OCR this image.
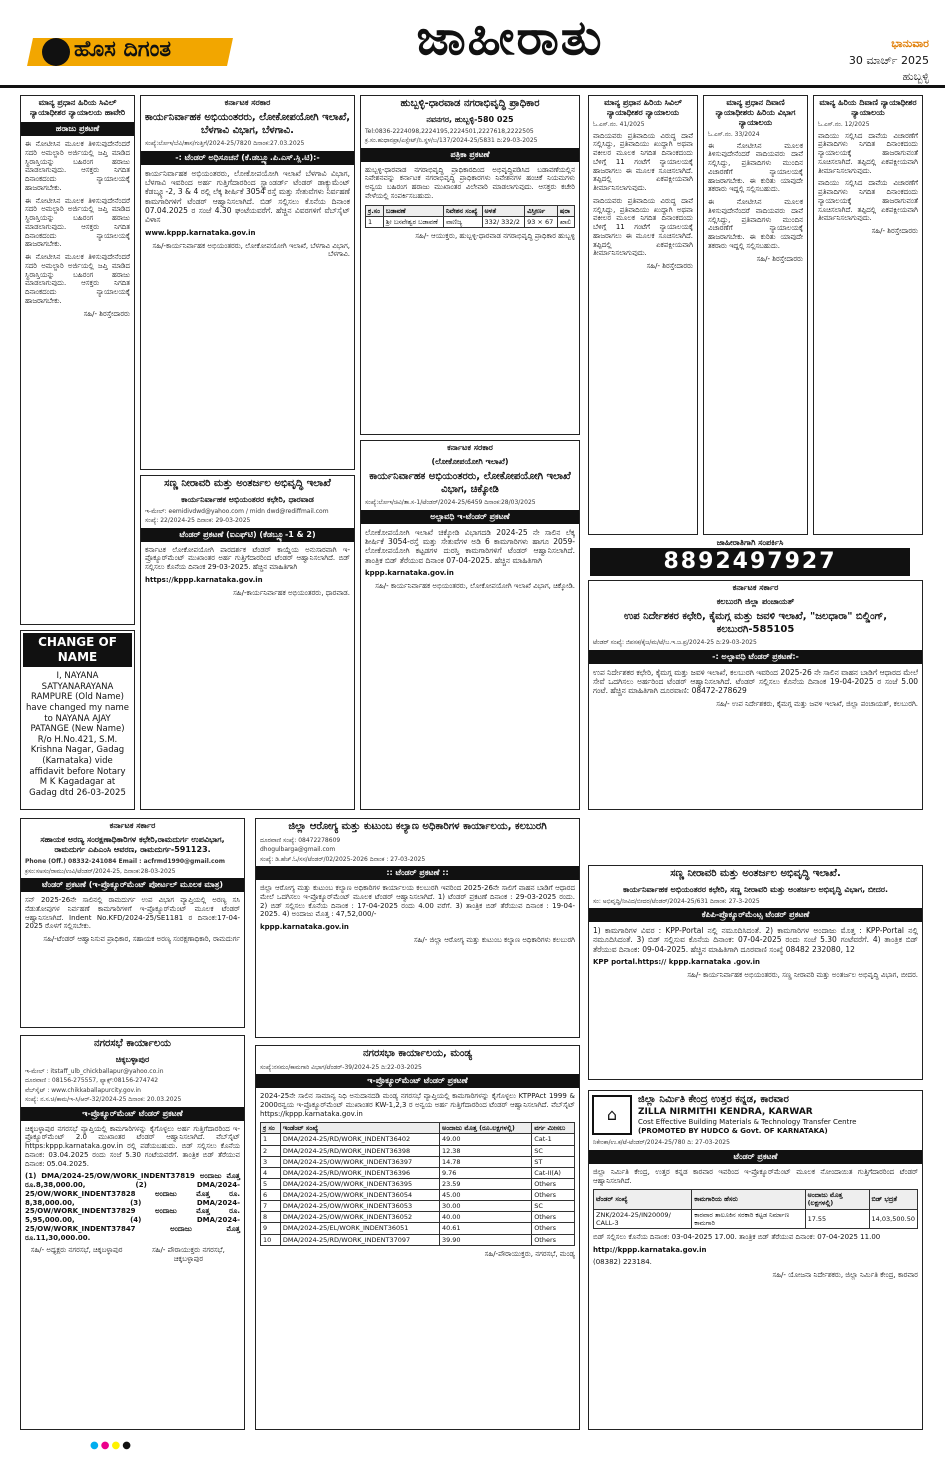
ಹೊಸ ದಿಗಂತ	ಜಾಹೀರಾತು	ಭಾನುವಾರ
30 ಮಾರ್ಚ್ 2025
ಹುಬ್ಬಳ್ಳಿ
ಮಾನ್ಯ ಪ್ರಧಾನ ಹಿರಿಯ ಸಿವಿಲ್ ನ್ಯಾಯಾಧೀಶರ ನ್ಯಾಯಾಲಯ ಹಾವೇರಿ
ಹರಾಜು ಪ್ರಕಟಣೆ
ಈ ನೋಟೀಸಿನ ಮೂಲಕ ತಿಳಿಸುವುದೇನೆಂದರೆ ಸದರಿ ಅಮಲ್ಜಾರಿ ಅರ್ಜಿಯಲ್ಲಿ ಜಪ್ತಿ ಮಾಡಿದ ಸ್ಥಿರಾಸ್ತಿಯನ್ನು ಬಹಿರಂಗ ಹರಾಜು ಮಾಡಲಾಗುವುದು. ಆಸಕ್ತರು ನಿಗದಿತ ದಿನಾಂಕದಂದು ನ್ಯಾಯಾಲಯಕ್ಕೆ ಹಾಜರಾಗಬೇಕು.
ಈ ನೋಟೀಸಿನ ಮೂಲಕ ತಿಳಿಸುವುದೇನೆಂದರೆ ಸದರಿ ಅಮಲ್ಜಾರಿ ಅರ್ಜಿಯಲ್ಲಿ ಜಪ್ತಿ ಮಾಡಿದ ಸ್ಥಿರಾಸ್ತಿಯನ್ನು ಬಹಿರಂಗ ಹರಾಜು ಮಾಡಲಾಗುವುದು. ಆಸಕ್ತರು ನಿಗದಿತ ದಿನಾಂಕದಂದು ನ್ಯಾಯಾಲಯಕ್ಕೆ ಹಾಜರಾಗಬೇಕು.
ಈ ನೋಟೀಸಿನ ಮೂಲಕ ತಿಳಿಸುವುದೇನೆಂದರೆ ಸದರಿ ಅಮಲ್ಜಾರಿ ಅರ್ಜಿಯಲ್ಲಿ ಜಪ್ತಿ ಮಾಡಿದ ಸ್ಥಿರಾಸ್ತಿಯನ್ನು ಬಹಿರಂಗ ಹರಾಜು ಮಾಡಲಾಗುವುದು. ಆಸಕ್ತರು ನಿಗದಿತ ದಿನಾಂಕದಂದು ನ್ಯಾಯಾಲಯಕ್ಕೆ ಹಾಜರಾಗಬೇಕು.
ಸಹಿ/- ಶಿರಸ್ತೇದಾರರು
CHANGE OF NAME
I, NAYANA SATYANARAYANA RAMPURE (Old Name) have changed my name to NAYANA AJAY PATANGE (New Name) R/o H.No.421, S.M. Krishna Nagar, Gadag (Karnataka) vide affidavit before Notary M K Kagadagar at Gadag dtd 26-03-2025
ಕರ್ನಾಟಕ ಸರಕಾರ
ಕಾರ್ಯನಿರ್ವಾಹಕ ಅಭಿಯಂತರರು, ಲೋಕೋಪಯೋಗಿ ಇಲಾಖೆ, ಬೆಳಗಾವಿ ವಿಭಾಗ, ಬೆಳಗಾವಿ.
ಸಂಖ್ಯೆ:ಲೋಇ/ಬೆವಿ/ತಾಸ/ಗುತ್ತಿಗೆ/2024-25/7820 ದಿನಾಂಕ:27.03.2025
-: ಟೆಂಡರ್ ಅಧಿಸೂಚನೆ (ಕೆ.ಡಬ್ಲ್ಯೂ.ಪಿ.ಎಸ್.ಸ್ಲಿ.ಟಿ):-
ಕಾರ್ಯನಿರ್ವಾಹಕ ಅಭಿಯಂತರರು, ಲೋಕೋಪಯೋಗಿ ಇಲಾಖೆ ಬೆಳಗಾವಿ ವಿಭಾಗ, ಬೆಳಗಾವಿ ಇವರಿಂದ ಅರ್ಹ ಗುತ್ತಿಗೆದಾರರಿಂದ ಸ್ಟ್ಯಾಂಡರ್ಡ್ ಟೆಂಡರ್ ಡಾಕ್ಯುಮೆಂಟ್ ಕೆಡಬ್ಲ್ಯೂ-2, 3 & 4 ರಲ್ಲಿ ಲೆಕ್ಕ ಶೀರ್ಷಿಕೆ 3054 ರಸ್ತೆ ಮತ್ತು ಸೇತುವೆಗಳು ನಿರ್ವಹಣೆ ಕಾಮಗಾರಿಗಳಿಗೆ ಟೆಂಡರ್ ಆಹ್ವಾನಿಸಲಾಗಿದೆ. ಬಿಡ್ ಸಲ್ಲಿಸಲು ಕೊನೆಯ ದಿನಾಂಕ 07.04.2025 ರ ಸಂಜೆ 4.30 ಘಂಟೆಯವರೆಗೆ. ಹೆಚ್ಚಿನ ವಿವರಗಳಿಗೆ ವೆಬ್‌ಸೈಟ್ ವಿಳಾಸ
www.kppp.karnataka.gov.in
ಸಹಿ/-ಕಾರ್ಯನಿರ್ವಾಹಕ ಅಭಿಯಂತರರು, ಲೋಕೋಪಯೋಗಿ ಇಲಾಖೆ, ಬೆಳಗಾವಿ ವಿಭಾಗ, ಬೆಳಗಾವಿ.
ಸಣ್ಣ ನೀರಾವರಿ ಮತ್ತು ಅಂತರ್ಜಲ ಅಭಿವೃದ್ಧಿ ಇಲಾಖೆ
ಕಾರ್ಯನಿರ್ವಾಹಕ ಅಭಿಯಂತರರ ಕಛೇರಿ, ಧಾರವಾಡ
ಇ-ಮೇಲ್: eemidivdwd@yahoo.com / midn dwd@rediffmail.com
ಸಂಖ್ಯೆ: 22/2024-25 ದಿನಾಂಕ: 29-03-2025
ಟೆಂಡರ್ ಪ್ರಕಟಣೆ (ಐಎಫ್‌ಟಿ) (ಕೆಡಬ್ಲ್ಯೂ-1 & 2)
ಕರ್ನಾಟಕ ಲೋಕೋಪಯೋಗಿ ಪಾರದರ್ಶಕ ಟೆಂಡರ್ ಕಾಯ್ದೆಯ ಅನುಸಾರವಾಗಿ ಇ-ಪ್ರೊಕ್ಯೂರ್‌ಮೆಂಟ್ ಮುಖಾಂತರ ಅರ್ಹ ಗುತ್ತಿಗೆದಾರರಿಂದ ಟೆಂಡರ್ ಆಹ್ವಾನಿಸಲಾಗಿದೆ. ಬಿಡ್ ಸಲ್ಲಿಸಲು ಕೊನೆಯ ದಿನಾಂಕ 29-03-2025. ಹೆಚ್ಚಿನ ಮಾಹಿತಿಗಾಗಿ
https://kppp.karnataka.gov.in
ಸಹಿ/-ಕಾರ್ಯನಿರ್ವಾಹಕ ಅಭಿಯಂತರರು, ಧಾರವಾಡ.
ಹುಬ್ಬಳ್ಳಿ-ಧಾರವಾಡ ನಗರಾಭಿವೃದ್ಧಿ ಪ್ರಾಧಿಕಾರ
ನವನಗರ, ಹುಬ್ಬಳ್ಳಿ-580 025
Tel:0836-2224098,2224195,2224501,2227618,2222505
ಕ್ರ.ಸಂ.ಹುಧಾನಪ್ರಾ/ಎಸ್ಟೇಟ್/ನಿ.ಸ್ಥಳ/ಬ/137/2024-25/5831 ದಿ:29-03-2025
ಪತ್ರಿಕಾ ಪ್ರಕಟಣೆ
ಹುಬ್ಬಳ್ಳಿ-ಧಾರವಾಡ ನಗರಾಭಿವೃದ್ಧಿ ಪ್ರಾಧಿಕಾರದಿಂದ ಅಭಿವೃದ್ಧಿಪಡಿಸಿದ ಬಡಾವಣೆಯಲ್ಲಿನ ನಿವೇಶನವನ್ನು ಕರ್ನಾಟಕ ನಗರಾಭಿವೃದ್ಧಿ ಪ್ರಾಧಿಕಾರಗಳು ನಿವೇಶನಗಳ ಹಂಚಿಕೆ ನಿಯಮಗಳು ಅನ್ವಯ ಬಹಿರಂಗ ಹರಾಜು ಮುಖಾಂತರ ವಿಲೇವಾರಿ ಮಾಡಲಾಗುವುದು. ಆಸಕ್ತರು ಕಚೇರಿ ವೇಳೆಯಲ್ಲಿ ಸಂಪರ್ಕಿಸಬಹುದು.
ಕ್ರ.ಸಂ	ಬಡಾವಣೆ	ನಿವೇಶನ ಸಂಖ್ಯೆ	ಅಳತೆ	ವಿಸ್ತೀರ್ಣ	ಷರಾ
1	ಶ್ರೀ ಬಸವೇಶ್ವರ ಬಡಾವಣೆ	ವಾಣಿಜ್ಯ	332/ 332/2	93 × 67	ಖಾಲಿ
ಸಹಿ/- ಆಯುಕ್ತರು, ಹುಬ್ಬಳ್ಳಿ-ಧಾರವಾಡ ನಗರಾಭಿವೃದ್ಧಿ ಪ್ರಾಧಿಕಾರ ಹುಬ್ಬಳ್ಳಿ
ಕರ್ನಾಟಕ ಸರಕಾರ
(ಲೋಕೋಪಯೋಗಿ ಇಲಾಖೆ)
ಕಾರ್ಯನಿರ್ವಾಹಕ ಅಭಿಯಂತರರು, ಲೋಕೋಪಯೋಗಿ ಇಲಾಖೆ ವಿಭಾಗ, ಚಿಕ್ಕೋಡಿ
ಸಂಖ್ಯೆ:ಲೋಇ/ಚಿವಿ/ತಾ.ಸ-1/ಟೆಂಡರ್/2024-25/6459 ದಿನಾಂಕ:28/03/2025
ಅಲ್ಪಾವಧಿ ಇ-ಟೆಂಡರ್ ಪ್ರಕಟಣೆ
ಲೋಕೋಪಯೋಗಿ ಇಲಾಖೆ ಚಿಕ್ಕೋಡಿ ವಿಭಾಗದಡಿ 2024-25 ನೇ ಸಾಲಿನ ಲೆಕ್ಕ ಶೀರ್ಷಿಕೆ 3054-ರಸ್ತೆ ಮತ್ತು ಸೇತುವೆಗಳ ಅಡಿ 6 ಕಾಮಗಾರಿಗಳು ಹಾಗೂ 2059-ಲೋಕೋಪಯೋಗಿ ಕಟ್ಟಡಗಳ ದುರಸ್ತಿ ಕಾಮಗಾರಿಗಳಿಗೆ ಟೆಂಡರ್ ಆಹ್ವಾನಿಸಲಾಗಿದೆ. ತಾಂತ್ರಿಕ ಬಿಡ್ ತೆರೆಯುವ ದಿನಾಂಕ 07-04-2025. ಹೆಚ್ಚಿನ ಮಾಹಿತಿಗಾಗಿ
kppp.karnataka.gov.in
ಸಹಿ/- ಕಾರ್ಯನಿರ್ವಾಹಕ ಅಭಿಯಂತರರು, ಲೋಕೋಪಯೋಗಿ ಇಲಾಖೆ ವಿಭಾಗ, ಚಿಕ್ಕೋಡಿ.
ಮಾನ್ಯ ಪ್ರಧಾನ ಹಿರಿಯ ಸಿವಿಲ್ ನ್ಯಾಯಾಧೀಶರ ನ್ಯಾಯಾಲಯ
ಓ.ಎಸ್.ನಂ. 41/2025
ವಾದಿಯವರು ಪ್ರತಿವಾದಿಯ ವಿರುದ್ಧ ದಾವೆ ಸಲ್ಲಿಸಿದ್ದು, ಪ್ರತಿವಾದಿಯು ಖುದ್ದಾಗಿ ಅಥವಾ ವಕೀಲರ ಮೂಲಕ ನಿಗದಿತ ದಿನಾಂಕದಂದು ಬೆಳಿಗ್ಗೆ 11 ಗಂಟೆಗೆ ನ್ಯಾಯಾಲಯಕ್ಕೆ ಹಾಜರಾಗಲು ಈ ಮೂಲಕ ಸೂಚಿಸಲಾಗಿದೆ. ತಪ್ಪಿದಲ್ಲಿ ಏಕಪಕ್ಷೀಯವಾಗಿ ತೀರ್ಮಾನಿಸಲಾಗುವುದು.
ವಾದಿಯವರು ಪ್ರತಿವಾದಿಯ ವಿರುದ್ಧ ದಾವೆ ಸಲ್ಲಿಸಿದ್ದು, ಪ್ರತಿವಾದಿಯು ಖುದ್ದಾಗಿ ಅಥವಾ ವಕೀಲರ ಮೂಲಕ ನಿಗದಿತ ದಿನಾಂಕದಂದು ಬೆಳಿಗ್ಗೆ 11 ಗಂಟೆಗೆ ನ್ಯಾಯಾಲಯಕ್ಕೆ ಹಾಜರಾಗಲು ಈ ಮೂಲಕ ಸೂಚಿಸಲಾಗಿದೆ. ತಪ್ಪಿದಲ್ಲಿ ಏಕಪಕ್ಷೀಯವಾಗಿ ತೀರ್ಮಾನಿಸಲಾಗುವುದು.
ಸಹಿ/- ಶಿರಸ್ತೇದಾರರು
ಮಾನ್ಯ ಪ್ರಧಾನ ದಿವಾಣಿ ನ್ಯಾಯಾಧೀಶರು ಹಿರಿಯ ವಿಭಾಗ ನ್ಯಾಯಾಲಯ
ಓ.ಎಸ್.ನಂ. 33/2024
ಈ ನೋಟೀಸಿನ ಮೂಲಕ ತಿಳಿಸುವುದೇನೆಂದರೆ ವಾದಿಯವರು ದಾವೆ ಸಲ್ಲಿಸಿದ್ದು, ಪ್ರತಿವಾದಿಗಳು ಮುಂದಿನ ವಿಚಾರಣೆಗೆ ನ್ಯಾಯಾಲಯಕ್ಕೆ ಹಾಜರಾಗಬೇಕು. ಈ ಕುರಿತು ಯಾವುದೇ ತಕರಾರು ಇದ್ದಲ್ಲಿ ಸಲ್ಲಿಸಬಹುದು.
ಈ ನೋಟೀಸಿನ ಮೂಲಕ ತಿಳಿಸುವುದೇನೆಂದರೆ ವಾದಿಯವರು ದಾವೆ ಸಲ್ಲಿಸಿದ್ದು, ಪ್ರತಿವಾದಿಗಳು ಮುಂದಿನ ವಿಚಾರಣೆಗೆ ನ್ಯಾಯಾಲಯಕ್ಕೆ ಹಾಜರಾಗಬೇಕು. ಈ ಕುರಿತು ಯಾವುದೇ ತಕರಾರು ಇದ್ದಲ್ಲಿ ಸಲ್ಲಿಸಬಹುದು.
ಸಹಿ/- ಶಿರಸ್ತೇದಾರರು
ಮಾನ್ಯ ಹಿರಿಯ ದಿವಾಣಿ ನ್ಯಾಯಾಧೀಶರ ನ್ಯಾಯಾಲಯ
ಓ.ಎಸ್.ನಂ. 12/2025
ವಾದಿಯು ಸಲ್ಲಿಸಿದ ದಾವೆಯ ವಿಚಾರಣೆಗೆ ಪ್ರತಿವಾದಿಗಳು ನಿಗದಿತ ದಿನಾಂಕದಂದು ನ್ಯಾಯಾಲಯಕ್ಕೆ ಹಾಜರಾಗುವಂತೆ ಸೂಚಿಸಲಾಗಿದೆ. ತಪ್ಪಿದಲ್ಲಿ ಏಕಪಕ್ಷೀಯವಾಗಿ ತೀರ್ಮಾನಿಸಲಾಗುವುದು.
ವಾದಿಯು ಸಲ್ಲಿಸಿದ ದಾವೆಯ ವಿಚಾರಣೆಗೆ ಪ್ರತಿವಾದಿಗಳು ನಿಗದಿತ ದಿನಾಂಕದಂದು ನ್ಯಾಯಾಲಯಕ್ಕೆ ಹಾಜರಾಗುವಂತೆ ಸೂಚಿಸಲಾಗಿದೆ. ತಪ್ಪಿದಲ್ಲಿ ಏಕಪಕ್ಷೀಯವಾಗಿ ತೀರ್ಮಾನಿಸಲಾಗುವುದು.
ಸಹಿ/- ಶಿರಸ್ತೇದಾರರು
ಜಾಹೀರಾತಿಗಾಗಿ ಸಂಪರ್ಕಿಸಿ
8892497927
ಕರ್ನಾಟಕ ಸರ್ಕಾರ
ಕಲಬುರಗಿ ಜಿಲ್ಲಾ ಪಂಚಾಯತ್
ಉಪ ನಿರ್ದೇಶಕರ ಕಛೇರಿ, ಕೈಮಗ್ಗ ಮತ್ತು ಜವಳಿ ಇಲಾಖೆ, "ಜಲಧಾರಾ" ಬಿಲ್ಡಿಂಗ್, ಕಲಬುರಗಿ-585105
ಟೆಂಡರ್ ಸಂಖ್ಯೆ: ಜಿಪಸಕ/ಕೈಜ/ಮ/ಟೆ/ಬ.ಇ.ಜ.ಪ್ರ/2024-25 ದಿ:29-03-2025
-: ಅಲ್ಪಾವಧಿ ಟೆಂಡರ್ ಪ್ರಕಟಣೆ:-
ಉಪ ನಿರ್ದೇಶಕರ ಕಛೇರಿ, ಕೈಮಗ್ಗ ಮತ್ತು ಜವಳಿ ಇಲಾಖೆ, ಕಲಬುರಗಿ ಇವರಿಂದ 2025-26 ನೇ ಸಾಲಿನ ವಾಹನ ಬಾಡಿಗೆ ಆಧಾರದ ಮೇಲೆ ಸೇವೆ ಒದಗಿಸಲು ಅರ್ಹರಿಂದ ಟೆಂಡರ್ ಆಹ್ವಾನಿಸಲಾಗಿದೆ. ಟೆಂಡರ್ ಸಲ್ಲಿಸಲು ಕೊನೆಯ ದಿನಾಂಕ 19-04-2025 ರ ಸಂಜೆ 5.00 ಗಂಟೆ. ಹೆಚ್ಚಿನ ಮಾಹಿತಿಗಾಗಿ ದೂರವಾಣಿ: 08472-278629
ಸಹಿ/- ಉಪ ನಿರ್ದೇಶಕರು, ಕೈಮಗ್ಗ ಮತ್ತು ಜವಳಿ ಇಲಾಖೆ, ಜಿಲ್ಲಾ ಪಂಚಾಯತ್, ಕಲಬುರಗಿ.
ಕರ್ನಾಟಕ ಸರ್ಕಾರ
ಸಹಾಯಕ ಅರಣ್ಯ ಸಂರಕ್ಷಣಾಧಿಕಾರಿಗಳ ಕಛೇರಿ,ರಾಮದುರ್ಗ ಉಪವಿಭಾಗ, ರಾಮದುರ್ಗ ಎಪಿಎಂಸಿ ಆವರಣ, ರಾಮದುರ್ಗ-591123.
Phone (Off.) 08332-241084 Email : acfrmd1990@gmail.com
ಕ್ರಸಂ:ಸಅಸಂ/ರಾಮು/ಉವಿ/ಟೆಂಡರ್/2024-25, ದಿನಾಂಕ:28-03-2025
ಟೆಂಡರ್ ಪ್ರಕಟಣೆ (ಇ-ಪ್ರೊಕ್ಯೂರ್‌ಮೆಂಟ್ ಪೋರ್ಟಲ್ ಮೂಲಕ ಮಾತ್ರ)
ಸನ್ 2025-26ನೇ ಸಾಲಿನಲ್ಲಿ ರಾಮದುರ್ಗ ಉಪ ವಿಭಾಗ ವ್ಯಾಪ್ತಿಯಲ್ಲಿ ಅರಣ್ಯ ಸಸಿ ನೆಡುತೋಪುಗಳ ನಿರ್ವಹಣೆ ಕಾಮಗಾರಿಗಳಿಗೆ ಇ-ಪ್ರೊಕ್ಯೂರ್‌ಮೆಂಟ್ ಮೂಲಕ ಟೆಂಡರ್ ಆಹ್ವಾನಿಸಲಾಗಿದೆ. Indent No.KFD/2024-25/SE1181 ರ ದಿನಾಂಕ:17-04-2025 ರೊಳಗೆ ಸಲ್ಲಿಸಬೇಕು.
ಸಹಿ/-ಟೆಂಡರ್ ಆಹ್ವಾನಿಸುವ ಪ್ರಾಧಿಕಾರ, ಸಹಾಯಕ ಅರಣ್ಯ ಸಂರಕ್ಷಣಾಧಿಕಾರಿ, ರಾಮದುರ್ಗ
ಜಿಲ್ಲಾ ಆರೋಗ್ಯ ಮತ್ತು ಕುಟುಂಬ ಕಲ್ಯಾಣ ಅಧಿಕಾರಿಗಳ ಕಾರ್ಯಾಲಯ, ಕಲಬುರಗಿ
ದೂರವಾಣಿ ಸಂಖ್ಯೆ: 08472278609
dhogulbarga@gmail.com
ಸಂಖ್ಯೆ: ಡಿ.ಹೆಚ್.ಓ/ಸಸ/ಟೆಂಡರ್/02/2025-2026 ದಿನಾಂಕ : 27-03-2025
:: ಟೆಂಡರ್ ಪ್ರಕಟಣೆ ::
ಜಿಲ್ಲಾ ಆರೋಗ್ಯ ಮತ್ತು ಕುಟುಂಬ ಕಲ್ಯಾಣ ಅಧಿಕಾರಿಗಳ ಕಾರ್ಯಾಲಯ ಕಲಬುರಗಿ ಇವರಿಂದ 2025-26ನೇ ಸಾಲಿಗೆ ವಾಹನ ಬಾಡಿಗೆ ಆಧಾರದ ಮೇಲೆ ಒದಗಿಸಲು ಇ-ಪ್ರೊಕ್ಯೂರ್‌ಮೆಂಟ್ ಮೂಲಕ ಟೆಂಡರ್ ಆಹ್ವಾನಿಸಲಾಗಿದೆ. 1) ಟೆಂಡರ್ ಪ್ರಕಟಣೆ ದಿನಾಂಕ : 29-03-2025 ರಂದು. 2) ಬಿಡ್ ಸಲ್ಲಿಸಲು ಕೊನೆಯ ದಿನಾಂಕ : 17-04-2025 ರಂದು 4.00 ವರೆಗೆ. 3) ತಾಂತ್ರಿಕ ಬಿಡ್ ತೆರೆಯುವ ದಿನಾಂಕ : 19-04-2025. 4) ಅಂದಾಜು ಮೊತ್ತ : 47,52,000/-
kppp.karnataka.gov.in
ಸಹಿ/- ಜಿಲ್ಲಾ ಆರೋಗ್ಯ ಮತ್ತು ಕುಟುಂಬ ಕಲ್ಯಾಣ ಅಧಿಕಾರಿಗಳು ಕಲಬುರಗಿ
ಸಣ್ಣ ನೀರಾವರಿ ಮತ್ತು ಅಂತರ್ಜಲ ಅಭಿವೃದ್ಧಿ ಇಲಾಖೆ.
ಕಾರ್ಯನಿರ್ವಾಹಕ ಅಭಿಯಂತರರ ಕಛೇರಿ, ಸಣ್ಣ ನೀರಾವರಿ ಮತ್ತು ಅಂತರ್ಜಲ ಅಭಿವೃದ್ಧಿ ವಿಭಾಗ, ಬೀದರ.
ಸಂ: ಅಭಿವೃದ್ಧಿ/ನೀವಿದ/ಬೀದರ/ಟೆಂಡರ್/2024-25/631 ದಿನಾಂಕ: 27-3-2025
ಕೆಪಿಪಿ-ಪ್ರೊಕ್ಯೂರ್‌ಮೆಂಟ್ಸ ಟೆಂಡರ್ ಪ್ರಕಟಣೆ
1) ಕಾಮಗಾರಿಗಳ ವಿವರ : KPP-Portal ನಲ್ಲಿ ನಮೂದಿಸಿದಂತೆ. 2) ಕಾಮಗಾರಿಗಳ ಅಂದಾಜು ಮೊತ್ತ : KPP-Portal ನಲ್ಲಿ ನಮೂದಿಸಿದಂತೆ. 3) ಬಿಡ್ ಸಲ್ಲಿಸುವ ಕೊನೆಯ ದಿನಾಂಕ: 07-04-2025 ರಂದು ಸಂಜೆ 5.30 ಗಂಟೆವರೆಗೆ. 4) ತಾಂತ್ರಿಕ ಬಿಡ್ ತೆರೆಯುವ ದಿನಾಂಕ: 09-04-2025. ಹೆಚ್ಚಿನ ಮಾಹಿತಿಗಾಗಿ ದೂರವಾಣಿ ಸಂಖ್ಯೆ 08482 232080, 12
KPP portal.https:// kppp.karnataka .gov.in
ಸಹಿ/- ಕಾರ್ಯನಿರ್ವಾಹಕ ಅಭಿಯಂತರರು, ಸಣ್ಣ ನೀರಾವರಿ ಮತ್ತು ಅಂತರ್ಜಲ ಅಭಿವೃದ್ಧಿ ವಿಭಾಗ, ಬೀದರ.
ನಗರಸಭೆ ಕಾರ್ಯಾಲಯ
ಚಿಕ್ಕಬಳ್ಳಾಪುರ
ಇ-ಮೇಲ್ : itstaff_ulb_chickballapur@yahoo.co.in
ದೂರವಾಣಿ : 08156-275557, ಫ್ಯಾಕ್ಸ್:08156-274742
ವೆಬ್‌ಸೈಟ್ : www.chikkaballapurcity.gov.in
ಸಂಖ್ಯೆ: ನ.ಸ.ಚಿ/ಕಾಮ/ಇ-ಸಿ/ಆರ್-32/2024-25 ದಿನಾಂಕ: 20.03.2025
ಇ-ಪ್ರೊಕ್ಯೂರ್‌ಮೆಂಟ್ ಟೆಂಡರ್ ಪ್ರಕಟಣೆ
ಚಿಕ್ಕಬಳ್ಳಾಪುರ ನಗರಸಭೆ ವ್ಯಾಪ್ತಿಯಲ್ಲಿ ಕಾಮಗಾರಿಗಳನ್ನು ಕೈಗೊಳ್ಳಲು ಅರ್ಹ ಗುತ್ತಿಗೆದಾರರಿಂದ ಇ-ಪ್ರೊಕ್ಯೂರ್‌ಮೆಂಟ್ 2.0 ಮುಖಾಂತರ ಟೆಂಡರ್ ಆಹ್ವಾನಿಸಲಾಗಿದೆ. ವೆಬ್‌ಸೈಟ್ https:kppp.karnataka.gov.in ರಲ್ಲಿ ಪಡೆಯಬಹುದು. ಬಿಡ್ ಸಲ್ಲಿಸಲು ಕೊನೆಯ ದಿನಾಂಕ: 03.04.2025 ರಂದು ಸಂಜೆ 5.30 ಗಂಟೆಯವರೆಗೆ. ತಾಂತ್ರಿಕ ಬಿಡ್ ತೆರೆಯುವ ದಿನಾಂಕ: 05.04.2025.
(1) DMA/2024-25/OW/WORK_INDENT37819 ಅಂದಾಜು ಮೊತ್ತ ರೂ.8,38,000.00, (2) DMA/2024-25/OW/WORK_INDENT37828 ಅಂದಾಜು ಮೊತ್ತ ರೂ. 8,38,000.00, (3) DMA/2024-25/OW/WORK_INDENT37829 ಅಂದಾಜು ಮೊತ್ತ ರೂ. 5,95,000.00, (4) DMA/2024-25/OW/WORK_INDENT37847 ಅಂದಾಜು ಮೊತ್ತ ರೂ.11,30,000.00.
ಸಹಿ/- ಅಧ್ಯಕ್ಷರು ನಗರಸಭೆ, ಚಿಕ್ಕಬಳ್ಳಾಪುರ	ಸಹಿ/- ಪೌರಾಯುಕ್ತರು ನಗರಸಭೆ, ಚಿಕ್ಕಬಳ್ಳಾಪುರ
ನಗರಸಭಾ ಕಾರ್ಯಾಲಯ, ಮಂಡ್ಯ
ಸಂಖ್ಯೆ:ನಸಮಂ/ಕಾಮಗಾರಿ ವಿಭಾಗ/ಟೆಂಡರ್-39/2024-25 ದಿ:22-03-2025
ಇ-ಪ್ರೊಕ್ಯೂರ್‌ಮೆಂಟ್ ಟೆಂಡರ್ ಪ್ರಕಟಣೆ
2024-25ನೇ ಸಾಲಿನ ಸಾಮಾನ್ಯ ನಿಧಿ ಅನುದಾನದಡಿ ಮಂಡ್ಯ ನಗರಸಭೆ ವ್ಯಾಪ್ತಿಯಲ್ಲಿ ಕಾಮಗಾರಿಗಳನ್ನು ಕೈಗೊಳ್ಳಲು KTPPAct 1999 & 2000ರನ್ವಯ ಇ-ಪ್ರೊಕ್ಯೂರ್‌ಮೆಂಟ್ ಮುಖಾಂತರ KW-1,2,3 ರ ಅನ್ವಯ ಅರ್ಹ ಗುತ್ತಿಗೆದಾರರಿಂದ ಟೆಂಡರ್ ಆಹ್ವಾನಿಸಲಾಗಿದೆ. ವೆಬ್‌ಸೈಟ್ https://kppp.karnataka.gov.in
ಕ್ರ ಸಂ	ಇಂಡೆಂಟ್ ಸಂಖ್ಯೆ	ಅಂದಾಜು ಮೊತ್ತ (ರೂ.ಲಕ್ಷಗಳಲ್ಲಿ)	ವರ್ಗ ಮೀಸಲು
1	DMA/2024-25/RD/WORK_INDENT36402	49.00	Cat-1
2	DMA/2024-25/RD/WORK_INDENT36398	12.38	SC
3	DMA/2024-25/OW/WORK_INDENT36397	14.78	ST
4	DMA/2024-25/RD/WORK_INDENT36396	9.76	Cat-II(A)
5	DMA/2024-25/OW/WORK_INDENT36395	23.59	Others
6	DMA/2024-25/OW/WORK_INDENT36054	45.00	Others
7	DMA/2024-25/OW/WORK_INDENT36053	30.00	SC
8	DMA/2024-25/OW/WORK_INDENT36052	40.00	Others
9	DMA/2024-25/EL/WORK_INDENT36051	40.61	Others
10	DMA/2024-25/RD/WORK_INDENT37097	39.90	Others
ಸಹಿ/-ಪೌರಾಯುಕ್ತರು, ನಗರಸಭೆ, ಮಂಡ್ಯ
⌂
ಜಿಲ್ಲಾ ನಿರ್ಮಿತಿ ಕೇಂದ್ರ ಉತ್ತರ ಕನ್ನಡ, ಕಾರವಾರ
ZILLA NIRMITHI KENDRA, KARWAR
Cost Effective Building Materials & Technology Transfer Centre
(PROMOTED BY HUDCO & Govt. OF KARNATAKA)
ನಿಕೇಂಕಾ/ಉ.ಕ/ಟೆ-ಟೆಂಡರ್/2024-25/780 ದಿ: 27-03-2025
ಟೆಂಡರ್ ಪ್ರಕಟಣೆ
ಜಿಲ್ಲಾ ನಿರ್ಮಿತಿ ಕೇಂದ್ರ, ಉತ್ತರ ಕನ್ನಡ ಕಾರವಾರ ಇವರಿಂದ ಇ-ಪ್ರೊಕ್ಯೂರ್‌ಮೆಂಟ್ ಮೂಲಕ ನೋಂದಾಯಿತ ಗುತ್ತಿಗೆದಾರರಿಂದ ಟೆಂಡರ್ ಆಹ್ವಾನಿಸಲಾಗಿದೆ.
ಟೆಂಡರ್ ಸಂಖ್ಯೆ	ಕಾಮಗಾರಿಯ ಹೆಸರು	ಅಂದಾಜು ಮೊತ್ತ (ಲಕ್ಷಗಳಲ್ಲಿ)	ಬಿಡ್ ಭದ್ರತೆ
ZNK/2024-25/IN20009/ CALL-3	ಕಾರವಾರ ತಾಲೂಕಿನ ಸರಕಾರಿ ಕಟ್ಟಡ ನಿರ್ಮಾಣ ಕಾಮಗಾರಿ	17.55	14,03,500.50
ಬಿಡ್ ಸಲ್ಲಿಸಲು ಕೊನೆಯ ದಿನಾಂಕ: 03-04-2025 17.00. ತಾಂತ್ರಿಕ ಬಿಡ್ ತೆರೆಯುವ ದಿನಾಂಕ: 07-04-2025 11.00
http://kppp.karnataka.gov.in
(08382) 223184.
ಸಹಿ/- ಯೋಜನಾ ನಿರ್ದೇಶಕರು, ಜಿಲ್ಲಾ ನಿರ್ಮಿತಿ ಕೇಂದ್ರ, ಕಾರವಾರ
●●●●
